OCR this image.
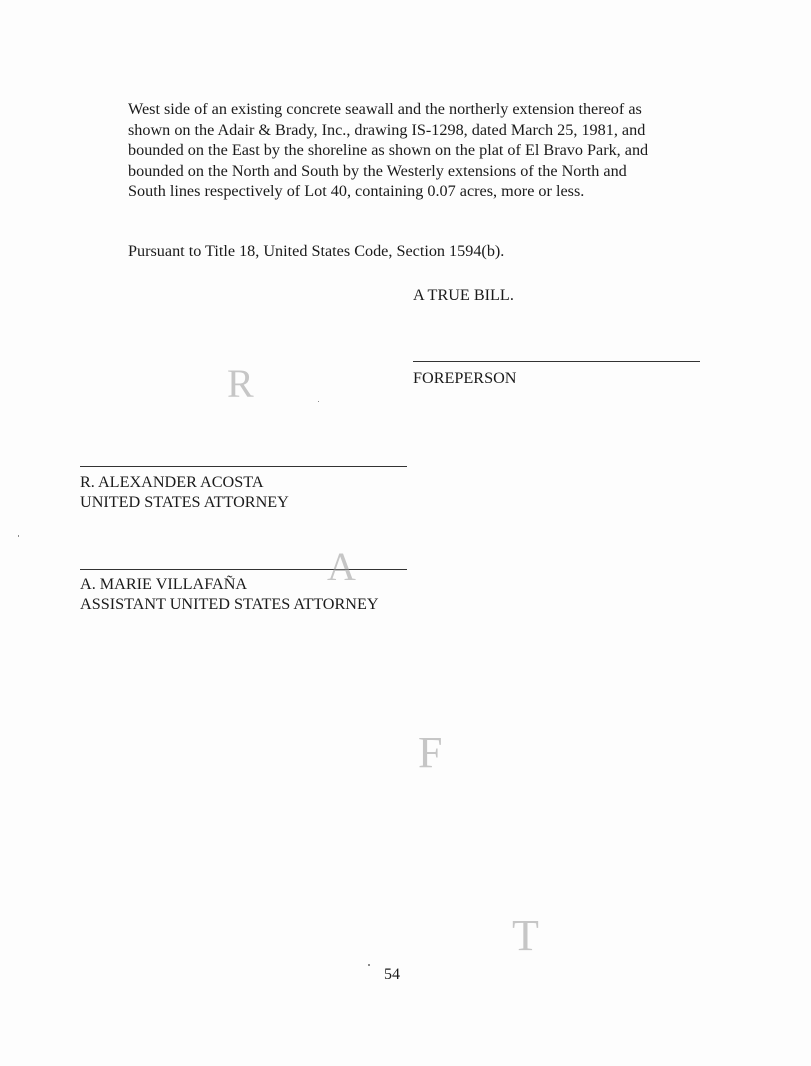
West side of an existing concrete seawall and the northerly extension thereof as shown on the Adair & Brady, Inc., drawing IS-1298, dated March 25, 1981, and bounded on the East by the shoreline as shown on the plat of El Bravo Park, and bounded on the North and South by the Westerly extensions of the North and South lines respectively of Lot 40, containing 0.07 acres, more or less.

Pursuant to Title 18, United States Code, Section 1594(b).

A TRUE BILL.

FOREPERSON

R. ALEXANDER ACOSTA

UNITED STATES ATTORNEY

A. MARIE VILLAFAÑA

ASSISTANT UNITED STATES ATTORNEY

R
A
F
T

54
